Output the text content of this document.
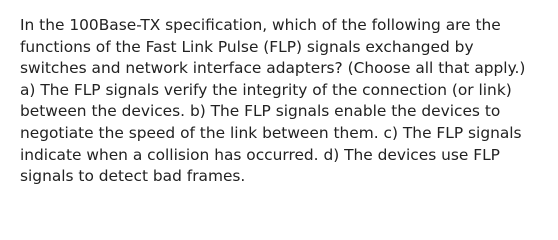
In the 100Base-TX specification, which of the following are the functions of the Fast Link Pulse (FLP) signals exchanged by switches and network interface adapters? (Choose all that apply.) a) The FLP signals verify the integrity of the connection (or link) between the devices. b) The FLP signals enable the devices to negotiate the speed of the link between them. c) The FLP signals indicate when a collision has occurred. d) The devices use FLP signals to detect bad frames.
